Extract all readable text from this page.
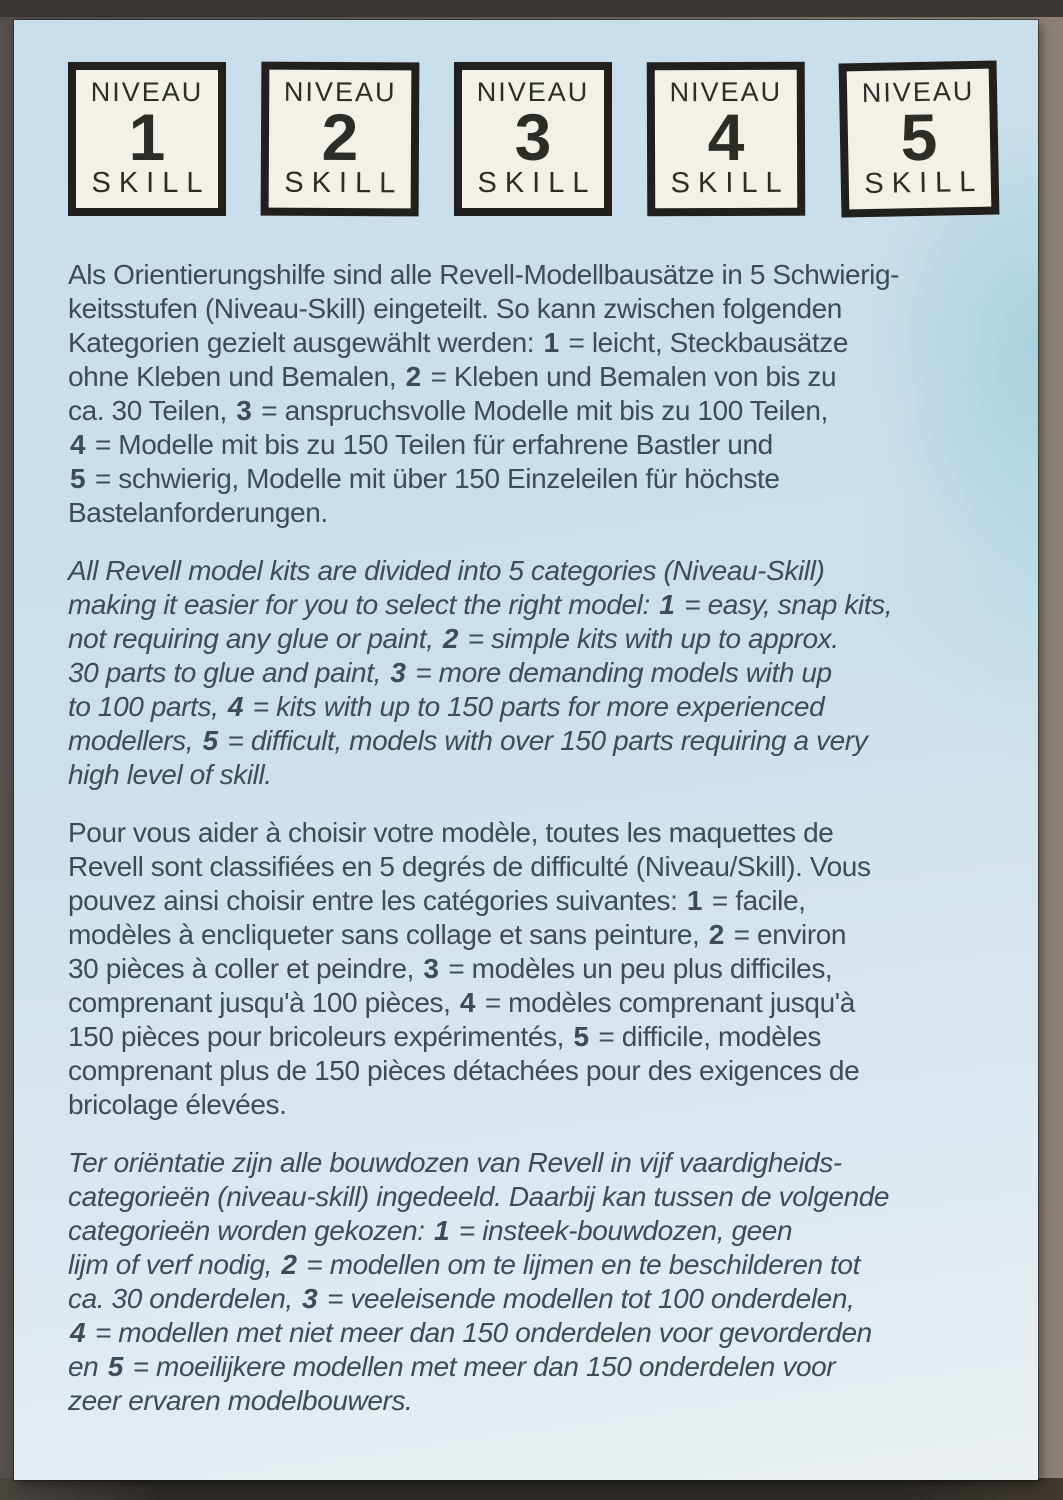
NIVEAU
1
SKILL
NIVEAU
2
SKILL
NIVEAU
3
SKILL
NIVEAU
4
SKILL
NIVEAU
5
SKILL
Als Orientierungshilfe sind alle Revell-Modellbausätze in 5 Schwierig-
keitsstufen (Niveau-Skill) eingeteilt. So kann zwischen folgenden
Kategorien gezielt ausgewählt werden: 1 = leicht, Steckbausätze
ohne Kleben und Bemalen, 2 = Kleben und Bemalen von bis zu
ca. 30 Teilen, 3 = anspruchsvolle Modelle mit bis zu 100 Teilen,
4 = Modelle mit bis zu 150 Teilen für erfahrene Bastler und
5 = schwierig, Modelle mit über 150 Einzeleilen für höchste
Bastelanforderungen.
All Revell model kits are divided into 5 categories (Niveau-Skill)
making it easier for you to select the right model: 1 = easy, snap kits,
not requiring any glue or paint, 2 = simple kits with up to approx.
30 parts to glue and paint, 3 = more demanding models with up
to 100 parts, 4 = kits with up to 150 parts for more experienced
modellers, 5 = difficult, models with over 150 parts requiring a very
high level of skill.
Pour vous aider à choisir votre modèle, toutes les maquettes de
Revell sont classifiées en 5 degrés de difficulté (Niveau/Skill). Vous
pouvez ainsi choisir entre les catégories suivantes: 1 = facile,
modèles à encliqueter sans collage et sans peinture, 2 = environ
30 pièces à coller et peindre, 3 = modèles un peu plus difficiles,
comprenant jusqu'à 100 pièces, 4 = modèles comprenant jusqu'à
150 pièces pour bricoleurs expérimentés, 5 = difficile, modèles
comprenant plus de 150 pièces détachées pour des exigences de
bricolage élevées.
Ter oriëntatie zijn alle bouwdozen van Revell in vijf vaardigheids-
categorieën (niveau-skill) ingedeeld. Daarbij kan tussen de volgende
categorieën worden gekozen: 1 = insteek-bouwdozen, geen
lijm of verf nodig, 2 = modellen om te lijmen en te beschilderen tot
ca. 30 onderdelen, 3 = veeleisende modellen tot 100 onderdelen,
4 = modellen met niet meer dan 150 onderdelen voor gevorderden
en 5 = moeilijkere modellen met meer dan 150 onderdelen voor
zeer ervaren modelbouwers.
